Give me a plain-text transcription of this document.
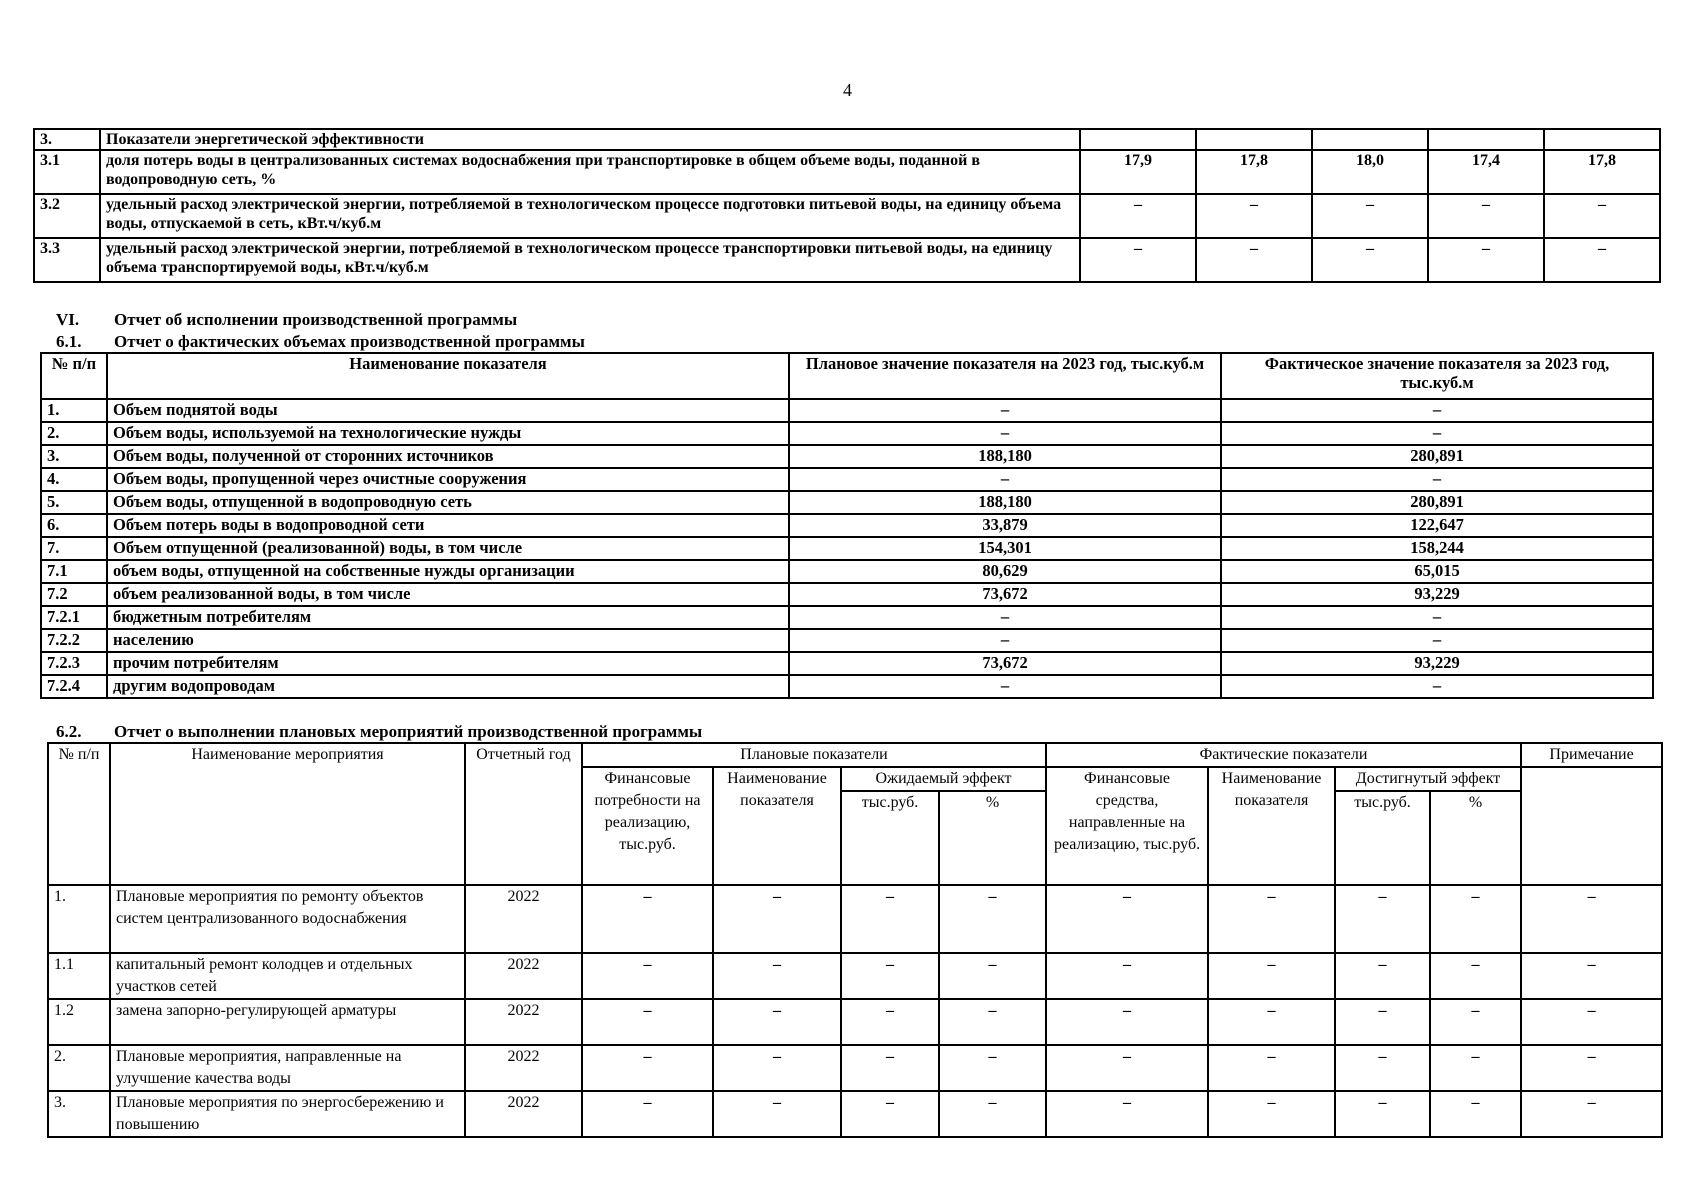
4
3.	Показатели энергетической эффективности					
3.1	доля потерь воды в централизованных системах водоснабжения при транспортировке в общем объеме воды, поданной в водопроводную сеть, %	17,9	17,8	18,0	17,4	17,8
3.2	удельный расход электрической энергии, потребляемой в технологическом процессе подготовки питьевой воды, на единицу объема воды, отпускаемой в сеть, кВт.ч/куб.м	–	–	–	–	–
3.3	удельный расход электрической энергии, потребляемой в технологическом процессе транспортировки питьевой воды, на единицу объема транспортируемой воды, кВт.ч/куб.м	–	–	–	–	–
VI. Отчет об исполнении производственной программы
6.1. Отчет о фактических объемах производственной программы
№ п/п	Наименование показателя	Плановое значение показателя на 2023 год, тыс.куб.м	Фактическое значение показателя за 2023 год, тыс.куб.м
1.	Объем поднятой воды	–	–
2.	Объем воды, используемой на технологические нужды	–	–
3.	Объем воды, полученной от сторонних источников	188,180	280,891
4.	Объем воды, пропущенной через очистные сооружения	–	–
5.	Объем воды, отпущенной в водопроводную сеть	188,180	280,891
6.	Объем потерь воды в водопроводной сети	33,879	122,647
7.	Объем отпущенной (реализованной) воды, в том числе	154,301	158,244
7.1	объем воды, отпущенной на собственные нужды организации	80,629	65,015
7.2	объем реализованной воды, в том числе	73,672	93,229
7.2.1	бюджетным потребителям	–	–
7.2.2	населению	–	–
7.2.3	прочим потребителям	73,672	93,229
7.2.4	другим водопроводам	–	–
6.2. Отчет о выполнении плановых мероприятий производственной программы
№ п/п	Наименование мероприятия	Отчетный год	Плановые показатели				Фактические показатели				Примечание
			Финансовые потребности на реализацию, тыс.руб.	Наименование показателя	Ожидаемый эффект		Финансовые средства, направленные на реализацию, тыс.руб.	Наименование показателя	Достигнутый эффект		
					тыс.руб.	%			тыс.руб.	%	
1.	Плановые мероприятия по ремонту объектов систем централизованного водоснабжения	2022	–	–	–	–	–	–	–	–	–
1.1	капитальный ремонт колодцев и отдельных участков сетей	2022	–	–	–	–	–	–	–	–	–
1.2	замена запорно-регулирующей арматуры	2022	–	–	–	–	–	–	–	–	–
2.	Плановые мероприятия, направленные на улучшение качества воды	2022	–	–	–	–	–	–	–	–	–
3.	Плановые мероприятия по энергосбережению и повышению	2022	–	–	–	–	–	–	–	–	–
